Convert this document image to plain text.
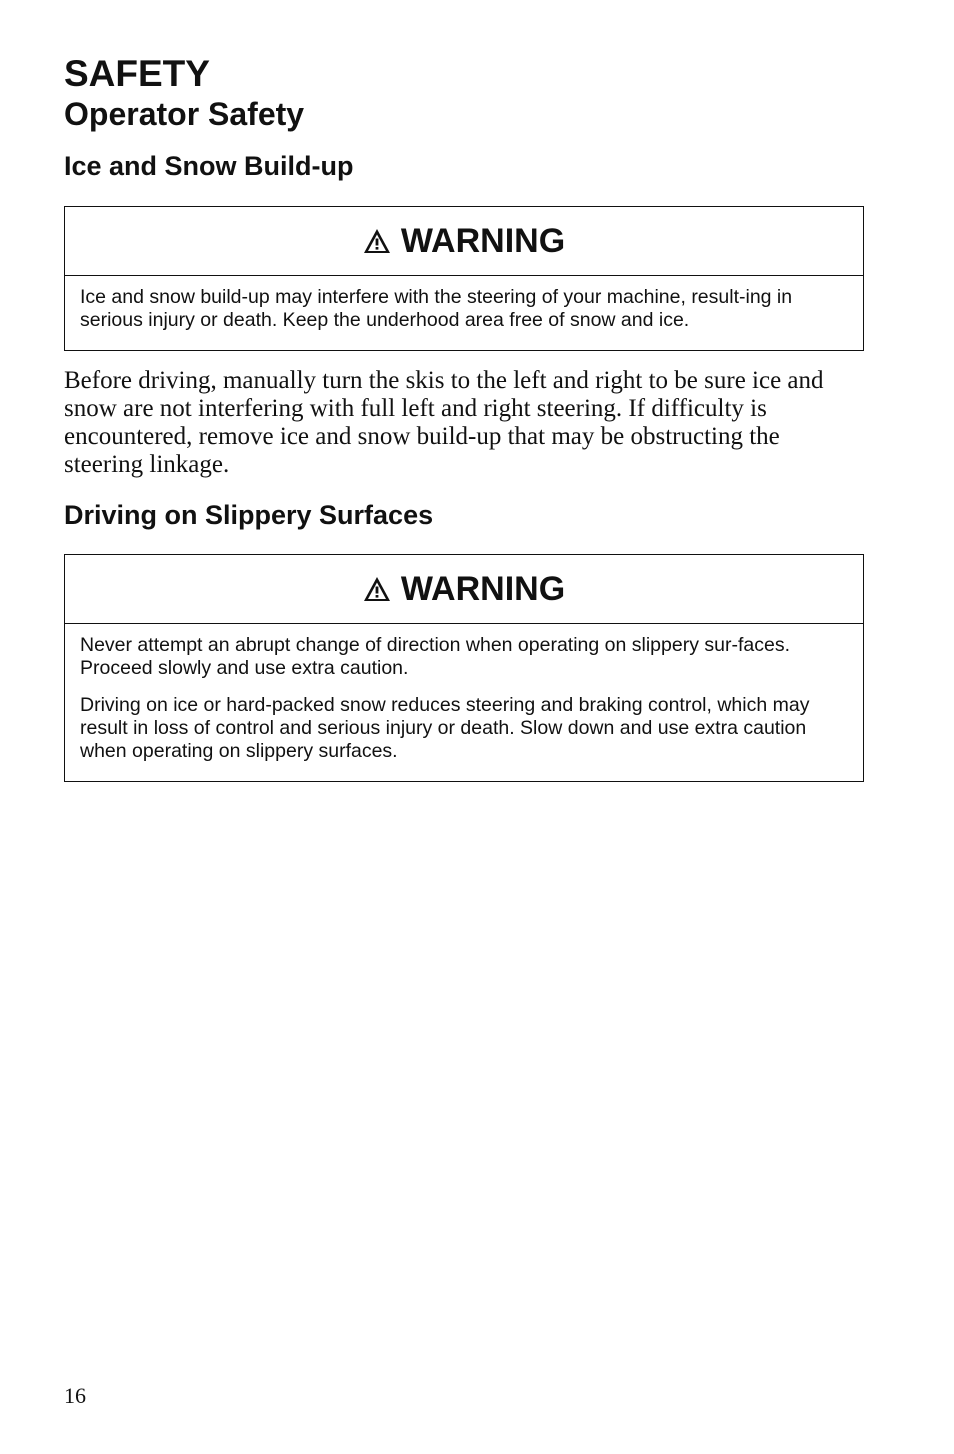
SAFETY
Operator Safety
Ice and Snow Build-up
WARNING

Ice and snow build-up may interfere with the steering of your machine, result-ing in serious injury or death. Keep the underhood area free of snow and ice.

Before driving, manually turn the skis to the left and right to be sure ice and snow are not interfering with full left and right steering. If difficulty is encountered, remove ice and snow build-up that may be obstructing the steering linkage.

Driving on Slippery Surfaces
WARNING

Never attempt an abrupt change of direction when operating on slippery sur-faces. Proceed slowly and use extra caution.

Driving on ice or hard-packed snow reduces steering and braking control, which may result in loss of control and serious injury or death. Slow down and use extra caution when operating on slippery surfaces.

16
